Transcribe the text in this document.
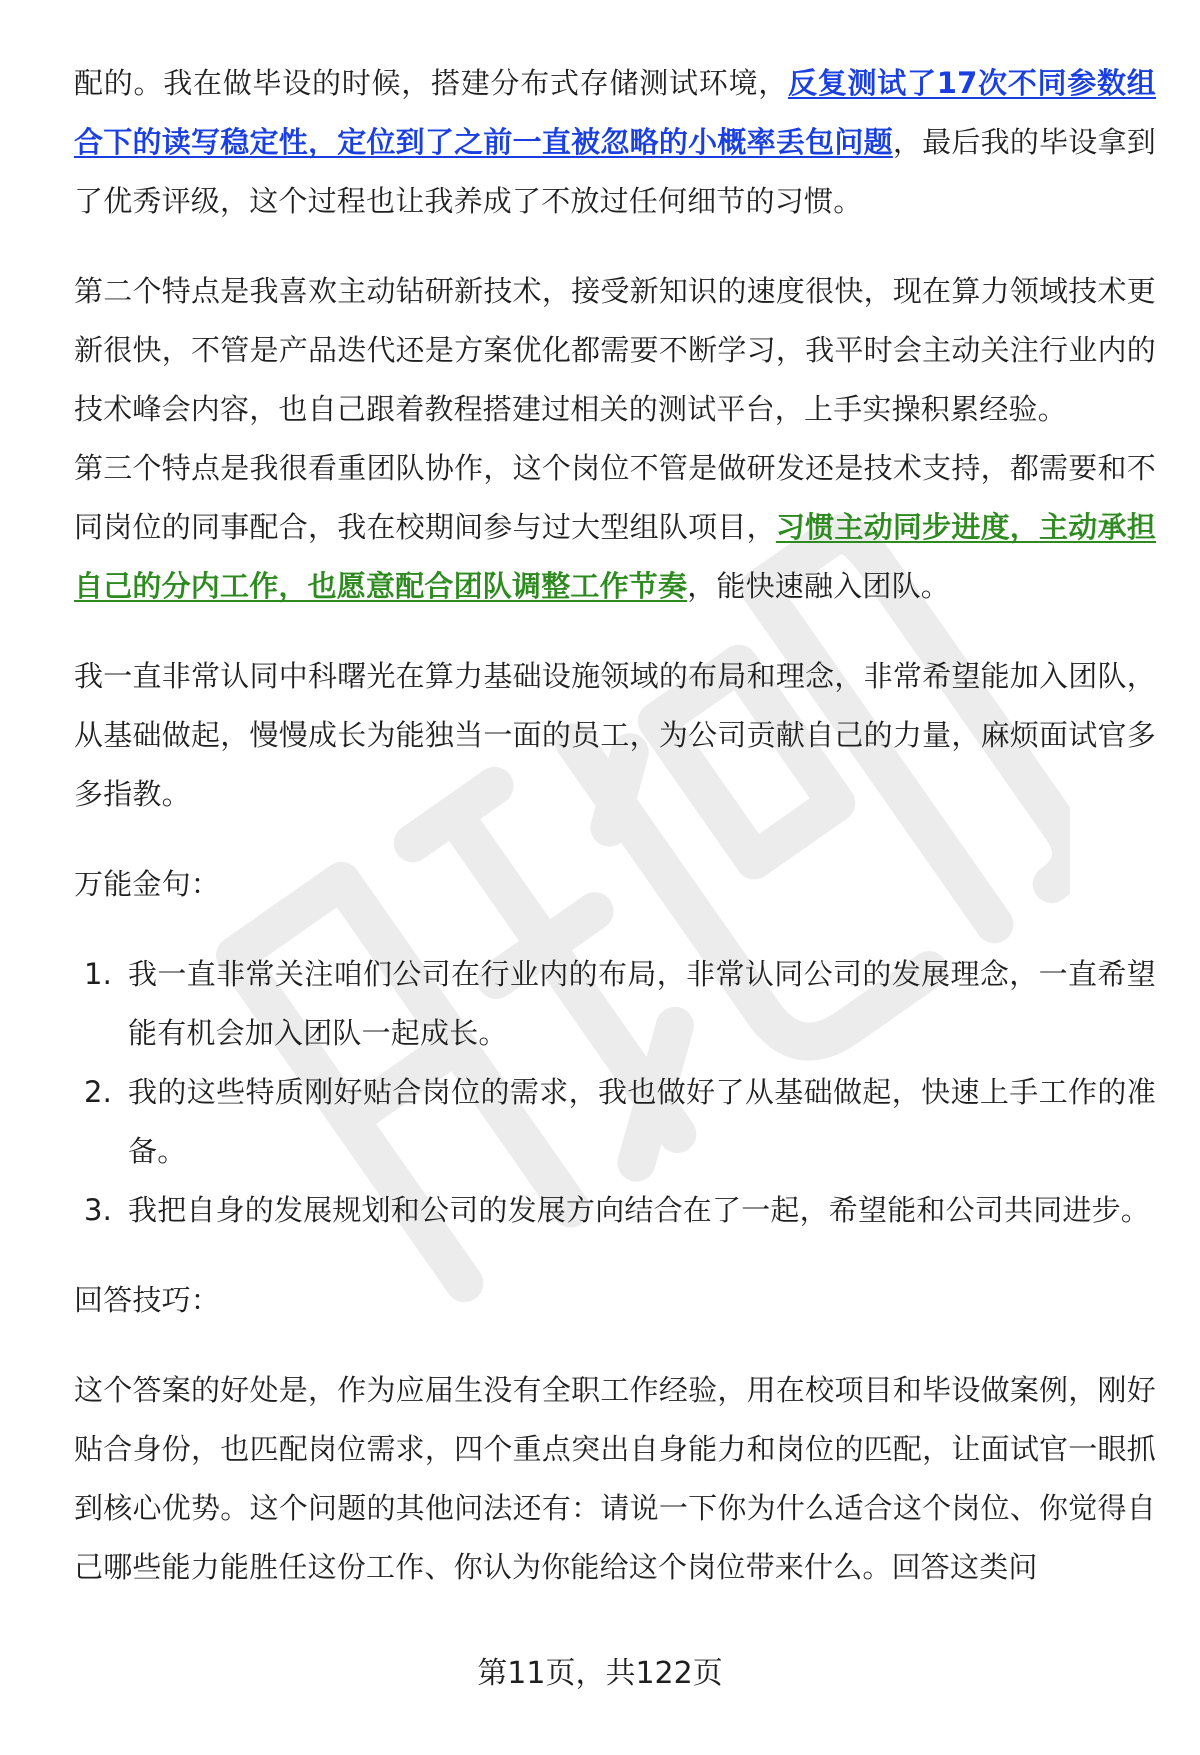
配的。我在做毕设的时候，搭建分布式存储测试环境，反复测试了17次不同参数组合下的读写稳定性，定位到了之前一直被忽略的小概率丢包问题，最后我的毕设拿到了优秀评级，这个过程也让我养成了不放过任何细节的习惯。

第二个特点是我喜欢主动钻研新技术，接受新知识的速度很快，现在算力领域技术更新很快，不管是产品迭代还是方案优化都需要不断学习，我平时会主动关注行业内的技术峰会内容，也自己跟着教程搭建过相关的测试平台，上手实操积累经验。

第三个特点是我很看重团队协作，这个岗位不管是做研发还是技术支持，都需要和不同岗位的同事配合，我在校期间参与过大型组队项目，习惯主动同步进度，主动承担自己的分内工作，也愿意配合团队调整工作节奏，能快速融入团队。

我一直非常认同中科曙光在算力基础设施领域的布局和理念，非常希望能加入团队，从基础做起，慢慢成长为能独当一面的员工，为公司贡献自己的力量，麻烦面试官多多指教。

万能金句：

1. 我一直非常关注咱们公司在行业内的布局，非常认同公司的发展理念，一直希望能有机会加入团队一起成长。
2. 我的这些特质刚好贴合岗位的需求，我也做好了从基础做起，快速上手工作的准备。
3. 我把自身的发展规划和公司的发展方向结合在了一起，希望能和公司共同进步。

回答技巧：

这个答案的好处是，作为应届生没有全职工作经验，用在校项目和毕设做案例，刚好贴合身份，也匹配岗位需求，四个重点突出自身能力和岗位的匹配，让面试官一眼抓到核心优势。这个问题的其他问法还有：请说一下你为什么适合这个岗位、你觉得自己哪些能力能胜任这份工作、你认为你能给这个岗位带来什么。回答这类问

第11页，共122页
